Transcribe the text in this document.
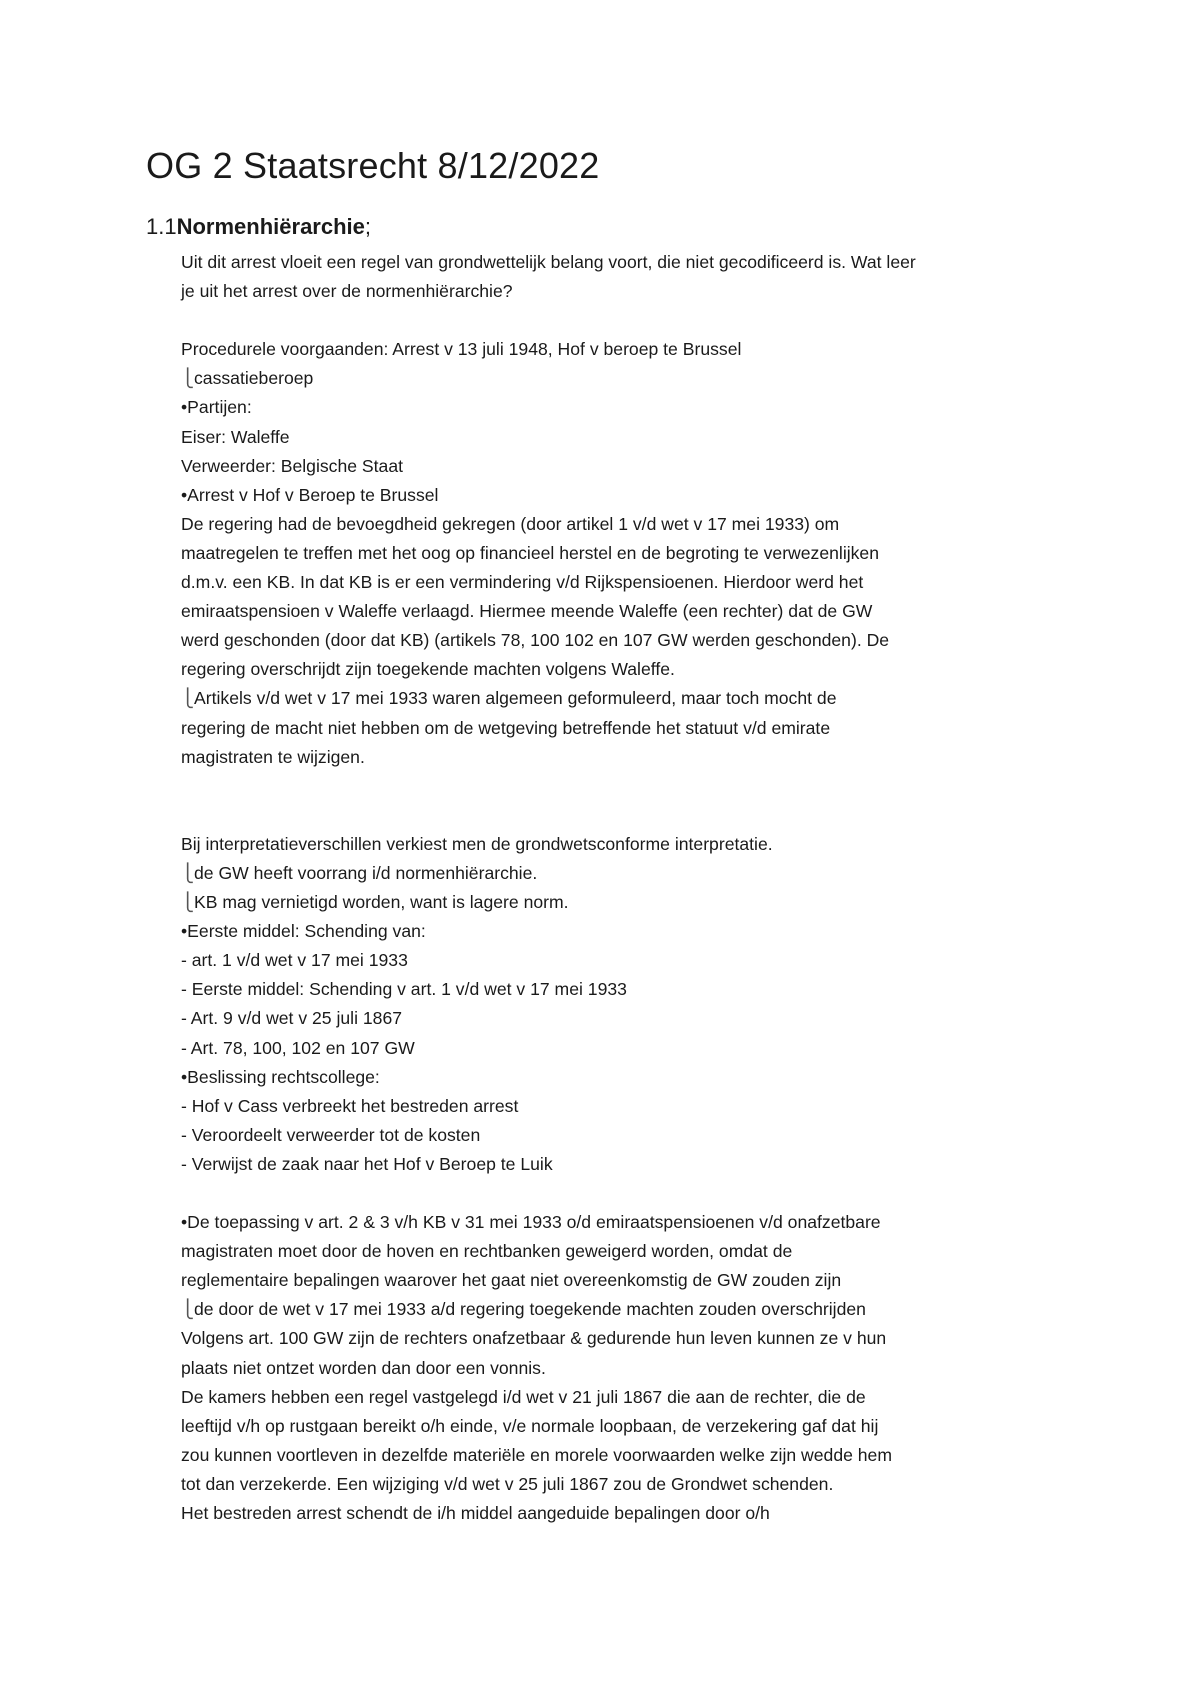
OG 2 Staatsrecht 8/12/2022
1.1Normenhiërarchie;
Uit dit arrest vloeit een regel van grondwettelijk belang voort, die niet gecodificeerd is. Wat leer
je uit het arrest over de normenhiërarchie?
Procedurele voorgaanden: Arrest v 13 juli 1948, Hof v beroep te Brussel
⎩cassatieberoep
•Partijen:
Eiser: Waleffe
Verweerder: Belgische Staat
•Arrest v Hof v Beroep te Brussel
De regering had de bevoegdheid gekregen (door artikel 1 v/d wet v 17 mei 1933) om
maatregelen te treffen met het oog op financieel herstel en de begroting te verwezenlijken
d.m.v. een KB. In dat KB is er een vermindering v/d Rijkspensioenen. Hierdoor werd het
emiraatspensioen v Waleffe verlaagd. Hiermee meende Waleffe (een rechter) dat de GW
werd geschonden (door dat KB) (artikels 78, 100 102 en 107 GW werden geschonden). De
regering overschrijdt zijn toegekende machten volgens Waleffe.
⎩Artikels v/d wet v 17 mei 1933 waren algemeen geformuleerd, maar toch mocht de
regering de macht niet hebben om de wetgeving betreffende het statuut v/d emirate
magistraten te wijzigen.
Bij interpretatieverschillen verkiest men de grondwetsconforme interpretatie.
⎩de GW heeft voorrang i/d normenhiërarchie.
⎩KB mag vernietigd worden, want is lagere norm.
•Eerste middel: Schending van:
- art. 1 v/d wet v 17 mei 1933
- Eerste middel: Schending v art. 1 v/d wet v 17 mei 1933
- Art. 9 v/d wet v 25 juli 1867
- Art. 78, 100, 102 en 107 GW
•Beslissing rechtscollege:
- Hof v Cass verbreekt het bestreden arrest
- Veroordeelt verweerder tot de kosten
- Verwijst de zaak naar het Hof v Beroep te Luik
•De toepassing v art. 2 & 3 v/h KB v 31 mei 1933 o/d emiraatspensioenen v/d onafzetbare
magistraten moet door de hoven en rechtbanken geweigerd worden, omdat de
reglementaire bepalingen waarover het gaat niet overeenkomstig de GW zouden zijn
⎩de door de wet v 17 mei 1933 a/d regering toegekende machten zouden overschrijden
Volgens art. 100 GW zijn de rechters onafzetbaar & gedurende hun leven kunnen ze v hun
plaats niet ontzet worden dan door een vonnis.
De kamers hebben een regel vastgelegd i/d wet v 21 juli 1867 die aan de rechter, die de
leeftijd v/h op rustgaan bereikt o/h einde, v/e normale loopbaan, de verzekering gaf dat hij
zou kunnen voortleven in dezelfde materiële en morele voorwaarden welke zijn wedde hem
tot dan verzekerde. Een wijziging v/d wet v 25 juli 1867 zou de Grondwet schenden.
Het bestreden arrest schendt de i/h middel aangeduide bepalingen door o/h
